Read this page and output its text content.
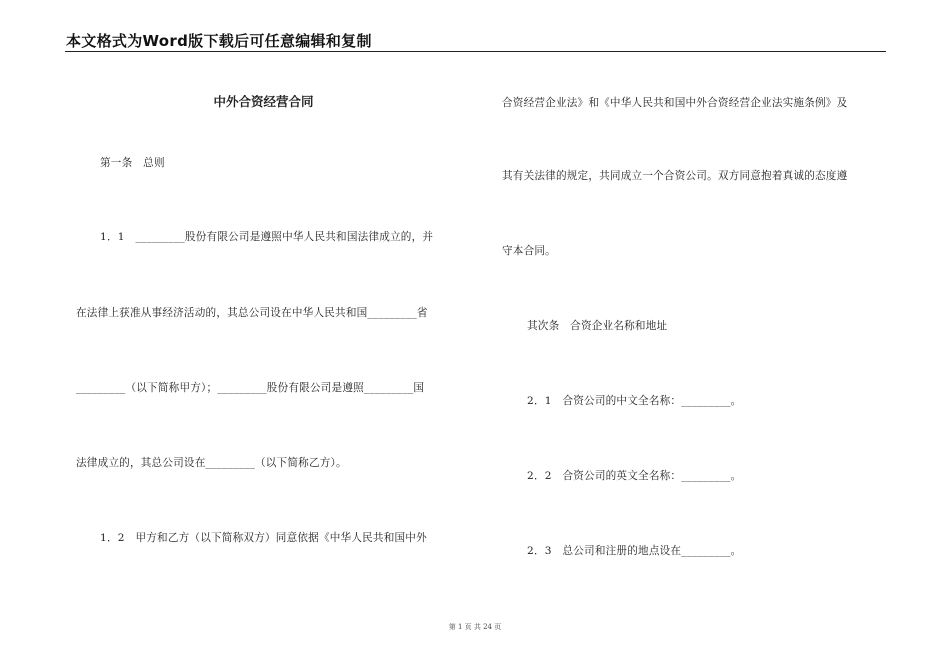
本文格式为Word版下载后可任意编辑和复制
中外合资经营合同
第一条　总则
1．1　_________股份有限公司是遵照中华人民共和国法律成立的，并
在法律上获准从事经济活动的，其总公司设在中华人民共和国_________省
_________（以下简称甲方）；_________股份有限公司是遵照_________国
法律成立的，其总公司设在_________（以下简称乙方）。
1．2　甲方和乙方（以下简称双方）同意依据《中华人民共和国中外
合资经营企业法》和《中华人民共和国中外合资经营企业法实施条例》及
其有关法律的规定，共同成立一个合资公司。双方同意抱着真诚的态度遵
守本合同。
其次条　合资企业名称和地址
2．1　合资公司的中文全名称：_________。
2．2　合资公司的英文全名称：_________。
2．3　总公司和注册的地点设在_________。
第 1 页 共 24 页
